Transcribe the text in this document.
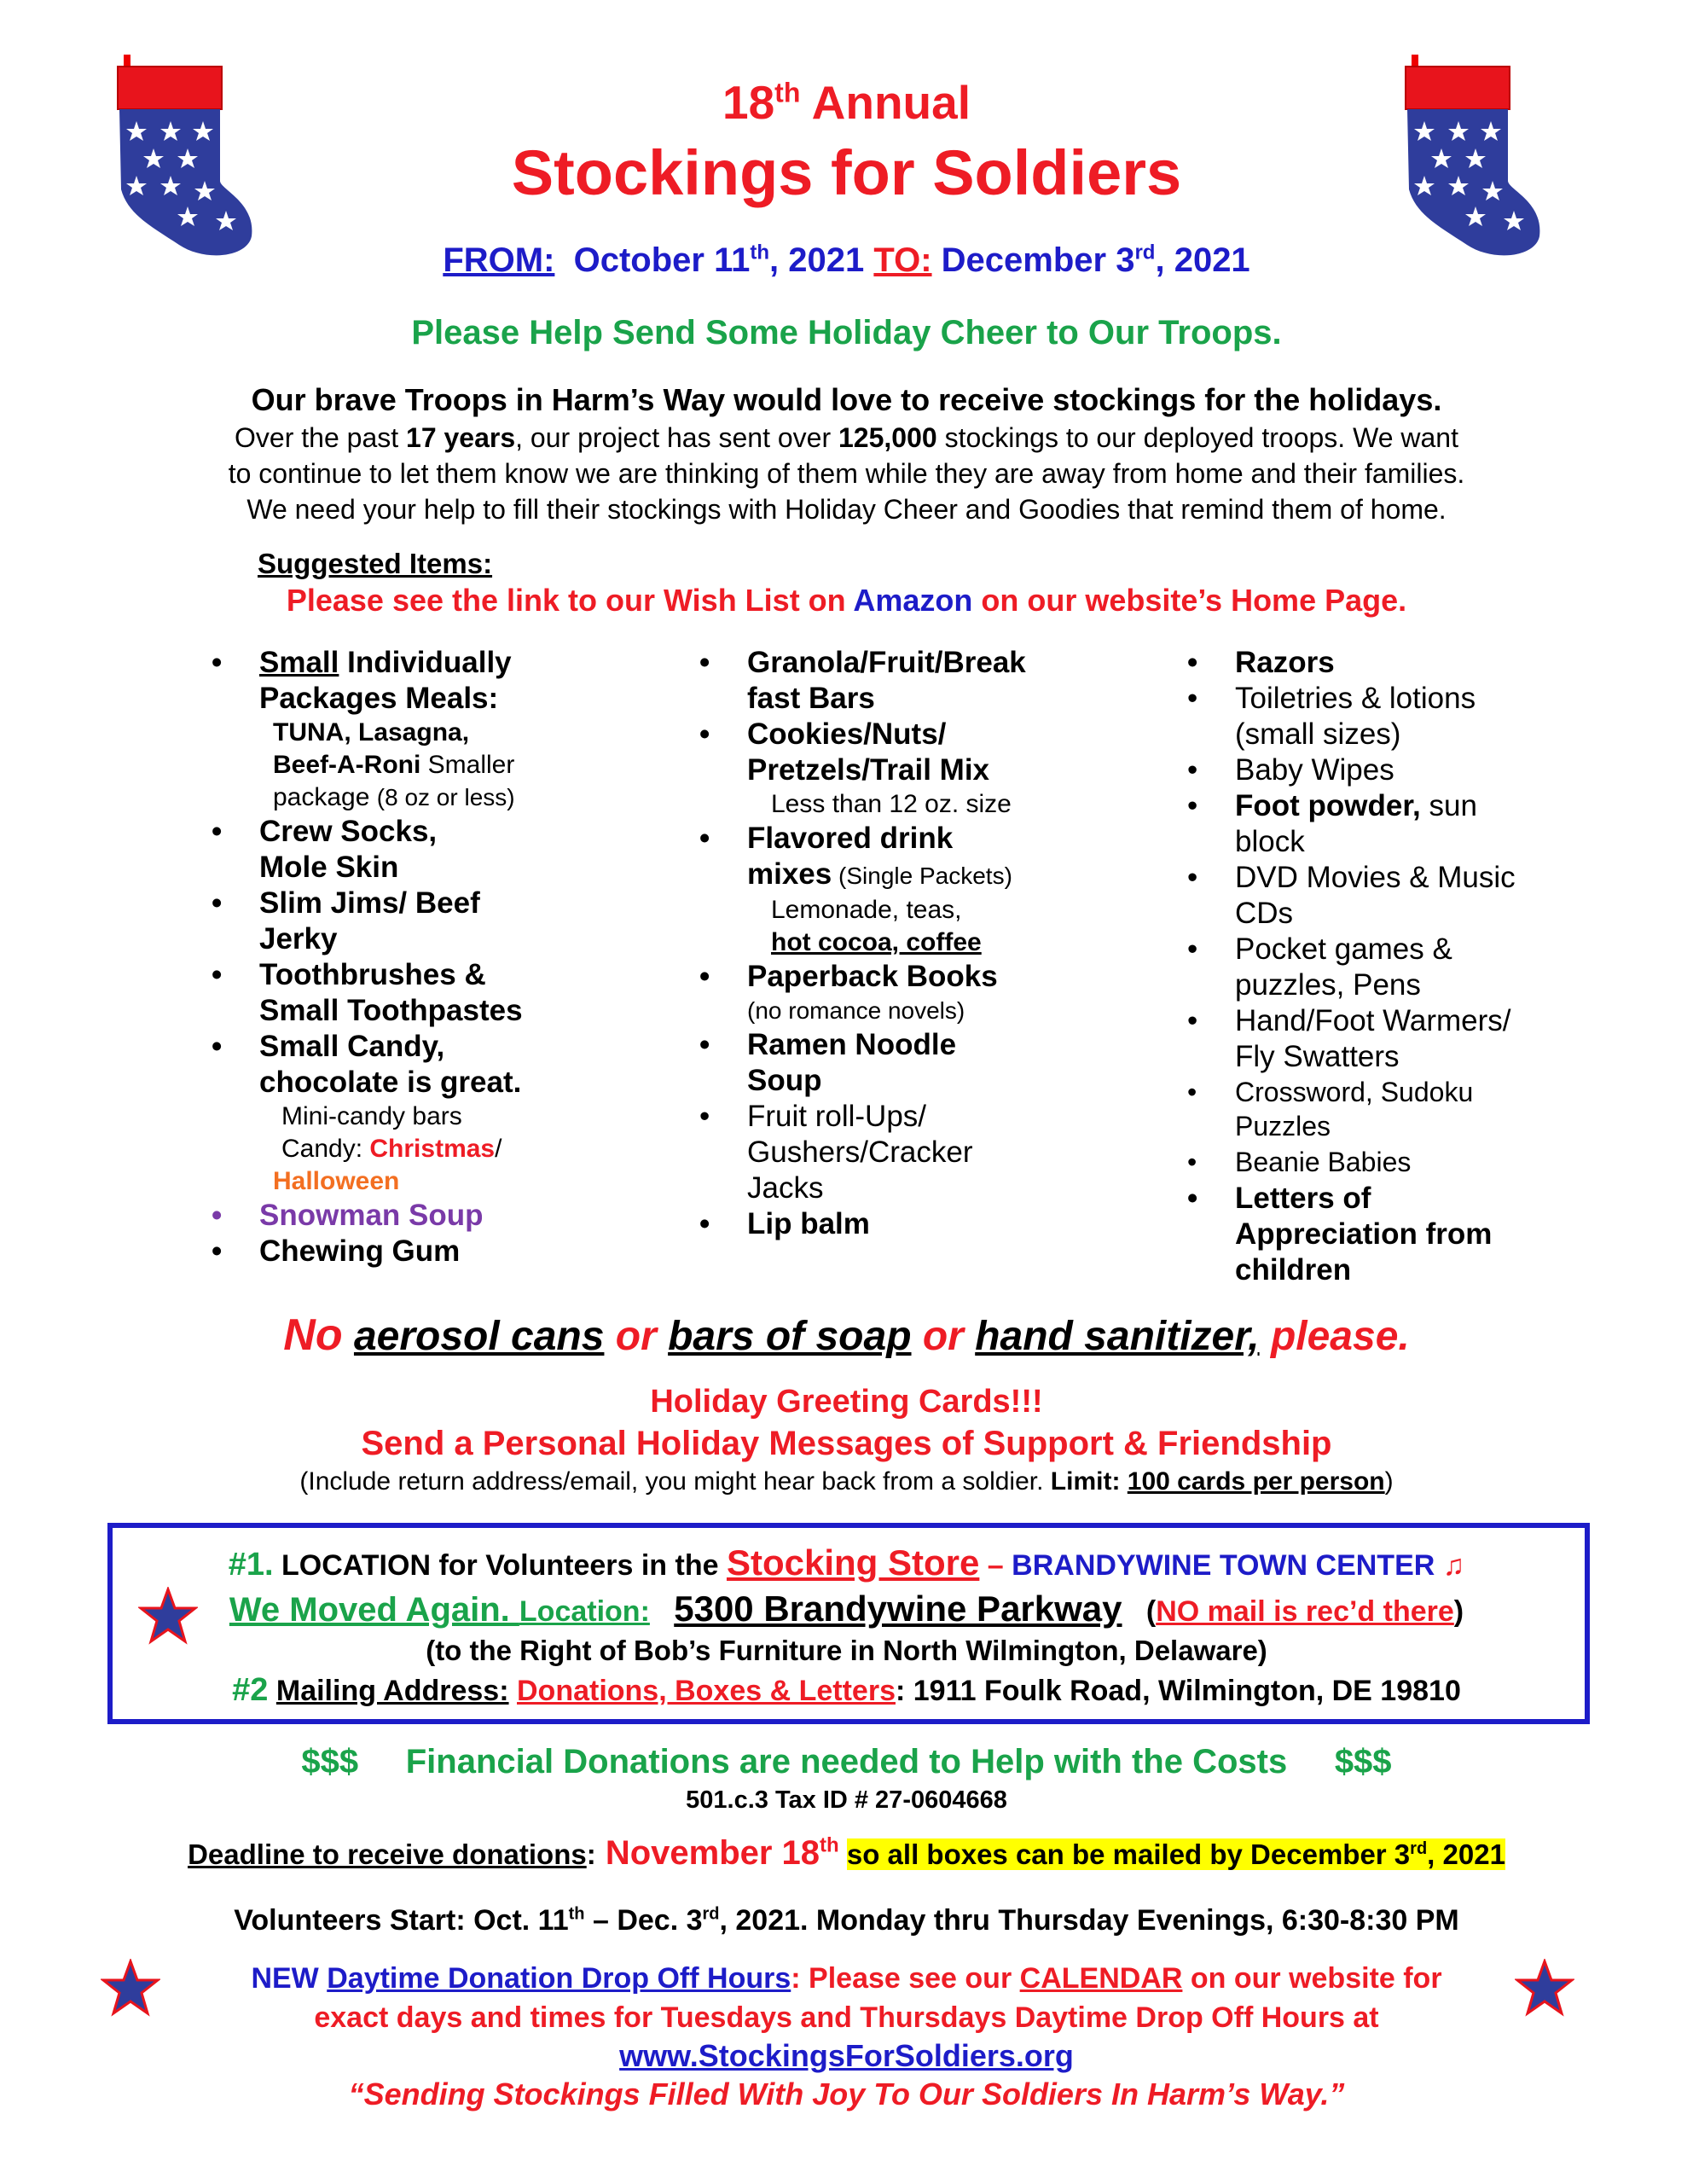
18th Annual
Stockings for Soldiers
FROM: October 11th, 2021 TO: December 3rd, 2021
Please Help Send Some Holiday Cheer to Our Troops.
Our brave Troops in Harm’s Way would love to receive stockings for the holidays.
Over the past 17 years, our project has sent over 125,000 stockings to our deployed troops. We want
to continue to let them know we are thinking of them while they are away from home and their families.
We need your help to fill their stockings with Holiday Cheer and Goodies that remind them of home.
Suggested Items:
Please see the link to our Wish List on Amazon on our website’s Home Page.
• Small Individually
Packages Meals:
TUNA, Lasagna,
Beef-A-Roni Smaller
package (8 oz or less)
• Crew Socks,
Mole Skin
• Slim Jims/ Beef
Jerky
• Toothbrushes &
Small Toothpastes
• Small Candy,
chocolate is great.
Mini-candy bars
Candy: Christmas/
Halloween
• Snowman Soup
• Chewing Gum
• Granola/Fruit/Break
fast Bars
• Cookies/Nuts/
Pretzels/Trail Mix
Less than 12 oz. size
• Flavored drink
mixes (Single Packets)
Lemonade, teas,
hot cocoa, coffee
• Paperback Books
(no romance novels)
• Ramen Noodle
Soup
• Fruit roll-Ups/
Gushers/Cracker
Jacks
• Lip balm
• Razors
• Toiletries & lotions
(small sizes)
• Baby Wipes
• Foot powder, sun
block
• DVD Movies & Music
CDs
• Pocket games &
puzzles, Pens
• Hand/Foot Warmers/
Fly Swatters
• Crossword, Sudoku
Puzzles
• Beanie Babies
• Letters of
Appreciation from
children
No aerosol cans or bars of soap or hand sanitizer, please.
Holiday Greeting Cards!!!
Send a Personal Holiday Messages of Support & Friendship
(Include return address/email, you might hear back from a soldier. Limit: 100 cards per person)
#1. LOCATION for Volunteers in the Stocking Store – BRANDYWINE TOWN CENTER ♫
We Moved Again. Location: 5300 Brandywine Parkway (NO mail is rec’d there)
(to the Right of Bob’s Furniture in North Wilmington, Delaware)
#2 Mailing Address: Donations, Boxes & Letters: 1911 Foulk Road, Wilmington, DE 19810
$$$ Financial Donations are needed to Help with the Costs $$$
501.c.3 Tax ID # 27-0604668
Deadline to receive donations: November 18th so all boxes can be mailed by December 3rd, 2021
Volunteers Start: Oct. 11th – Dec. 3rd, 2021. Monday thru Thursday Evenings, 6:30-8:30 PM
NEW Daytime Donation Drop Off Hours: Please see our CALENDAR on our website for
exact days and times for Tuesdays and Thursdays Daytime Drop Off Hours at
www.StockingsForSoldiers.org
“Sending Stockings Filled With Joy To Our Soldiers In Harm’s Way.”
